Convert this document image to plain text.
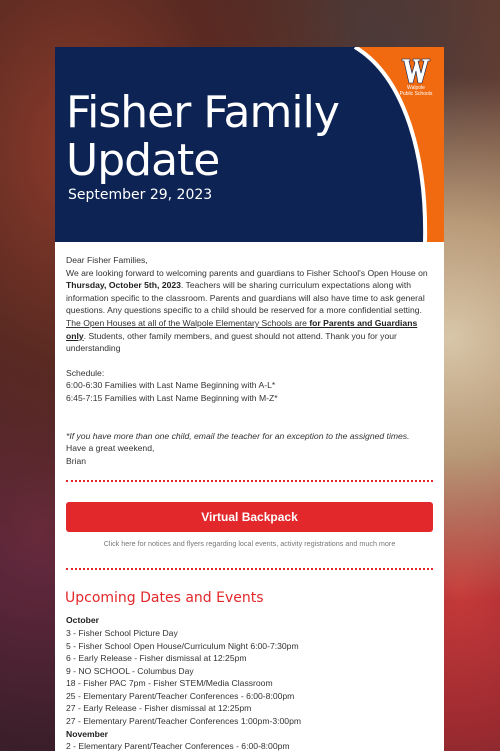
Fisher Family Update
September 29, 2023
Walpole
Public Schools

Dear Fisher Families,

We are looking forward to welcoming parents and guardians to Fisher School's Open House on Thursday, October 5th, 2023. Teachers will be sharing curriculum expectations along with information specific to the classroom. Parents and guardians will also have time to ask general questions. Any questions specific to a child should be reserved for a more confidential setting.

The Open Houses at all of the Walpole Elementary Schools are for Parents and Guardians only. Students, other family members, and guest should not attend. Thank you for your understanding

Schedule:

6:00-6:30 Families with Last Name Beginning with A-L*

6:45-7:15 Families with Last Name Beginning with M-Z*

*If you have more than one child, email the teacher for an exception to the assigned times.

Have a great weekend,

Brian

Virtual Backpack
Click here for notices and flyers regarding local events, activity registrations and much more
Upcoming Dates and Events

October

3 - Fisher School Picture Day

5 - Fisher School Open House/Curriculum Night 6:00-7:30pm

6 - Early Release - Fisher dismissal at 12:25pm

9 - NO SCHOOL - Columbus Day

18 - Fisher PAC 7pm - Fisher STEM/Media Classroom

25 - Elementary Parent/Teacher Conferences - 6:00-8:00pm

27 - Early Release - Fisher dismissal at 12:25pm

27 - Elementary Parent/Teacher Conferences 1:00pm-3:00pm

November

2 - Elementary Parent/Teacher Conferences - 6:00-8:00pm
